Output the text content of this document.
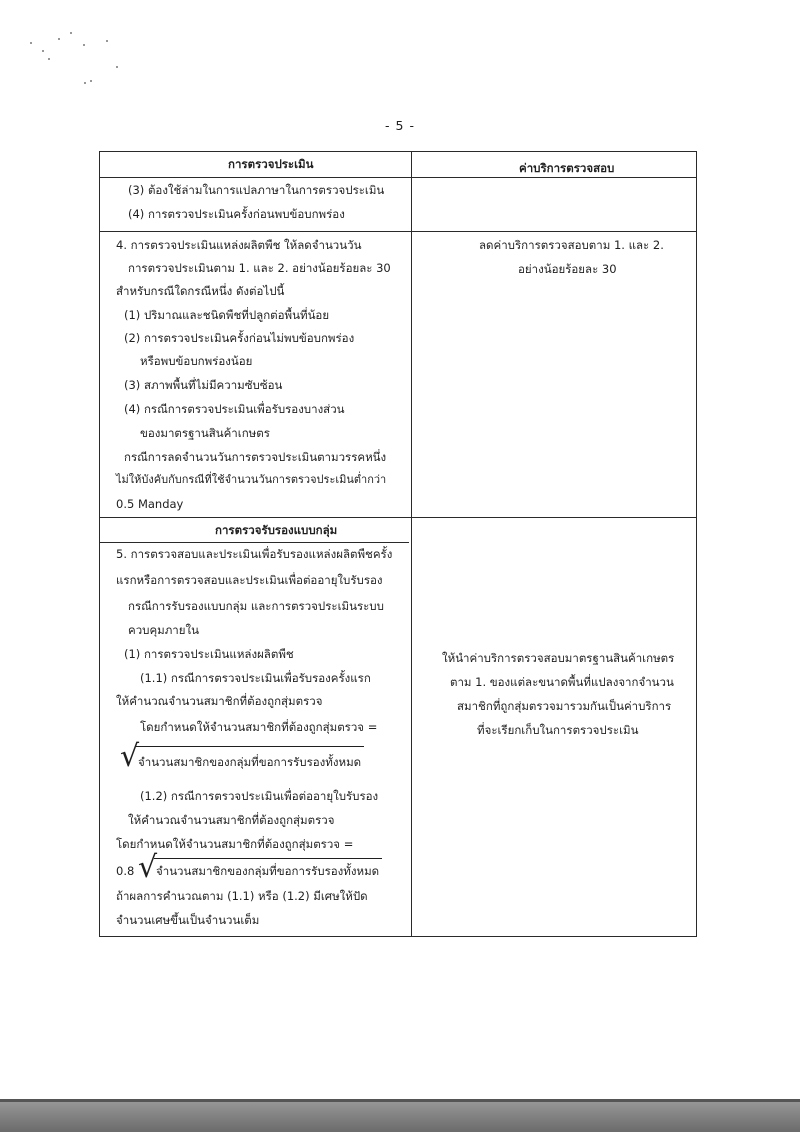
- 5 -
การตรวจประเมิน	ค่าบริการตรวจสอบ
(3) ต้องใช้ล่ามในการแปลภาษาในการตรวจประเมิน
(4) การตรวจประเมินครั้งก่อนพบข้อบกพร่อง
4. การตรวจประเมินแหล่งผลิตพืช ให้ลดจำนวนวัน
การตรวจประเมินตาม 1. และ 2. อย่างน้อยร้อยละ 30
สำหรับกรณีใดกรณีหนึ่ง ดังต่อไปนี้
(1) ปริมาณและชนิดพืชที่ปลูกต่อพื้นที่น้อย
(2) การตรวจประเมินครั้งก่อนไม่พบข้อบกพร่อง
หรือพบข้อบกพร่องน้อย
(3) สภาพพื้นที่ไม่มีความซับซ้อน
(4) กรณีการตรวจประเมินเพื่อรับรองบางส่วน
ของมาตรฐานสินค้าเกษตร
กรณีการลดจำนวนวันการตรวจประเมินตามวรรคหนึ่ง
ไม่ให้บังคับกับกรณีที่ใช้จำนวนวันการตรวจประเมินต่ำกว่า
0.5 Manday
ลดค่าบริการตรวจสอบตาม 1. และ 2.
อย่างน้อยร้อยละ 30
การตรวจรับรองแบบกลุ่ม
5. การตรวจสอบและประเมินเพื่อรับรองแหล่งผลิตพืชครั้ง
แรกหรือการตรวจสอบและประเมินเพื่อต่ออายุใบรับรอง
กรณีการรับรองแบบกลุ่ม และการตรวจประเมินระบบ
ควบคุมภายใน
(1) การตรวจประเมินแหล่งผลิตพืช
(1.1) กรณีการตรวจประเมินเพื่อรับรองครั้งแรก
ให้คำนวณจำนวนสมาชิกที่ต้องถูกสุ่มตรวจ
โดยกำหนดให้จำนวนสมาชิกที่ต้องถูกสุ่มตรวจ =
√
จำนวนสมาชิกของกลุ่มที่ขอการรับรองทั้งหมด
(1.2) กรณีการตรวจประเมินเพื่อต่ออายุใบรับรอง
ให้คำนวณจำนวนสมาชิกที่ต้องถูกสุ่มตรวจ
โดยกำหนดให้จำนวนสมาชิกที่ต้องถูกสุ่มตรวจ =
0.8 √
จำนวนสมาชิกของกลุ่มที่ขอการรับรองทั้งหมด
ถ้าผลการคำนวณตาม (1.1) หรือ (1.2) มีเศษให้ปัด
จำนวนเศษขึ้นเป็นจำนวนเต็ม
ให้นำค่าบริการตรวจสอบมาตรฐานสินค้าเกษตร
ตาม 1. ของแต่ละขนาดพื้นที่แปลงจากจำนวน
สมาชิกที่ถูกสุ่มตรวจมารวมกันเป็นค่าบริการ
ที่จะเรียกเก็บในการตรวจประเมิน
